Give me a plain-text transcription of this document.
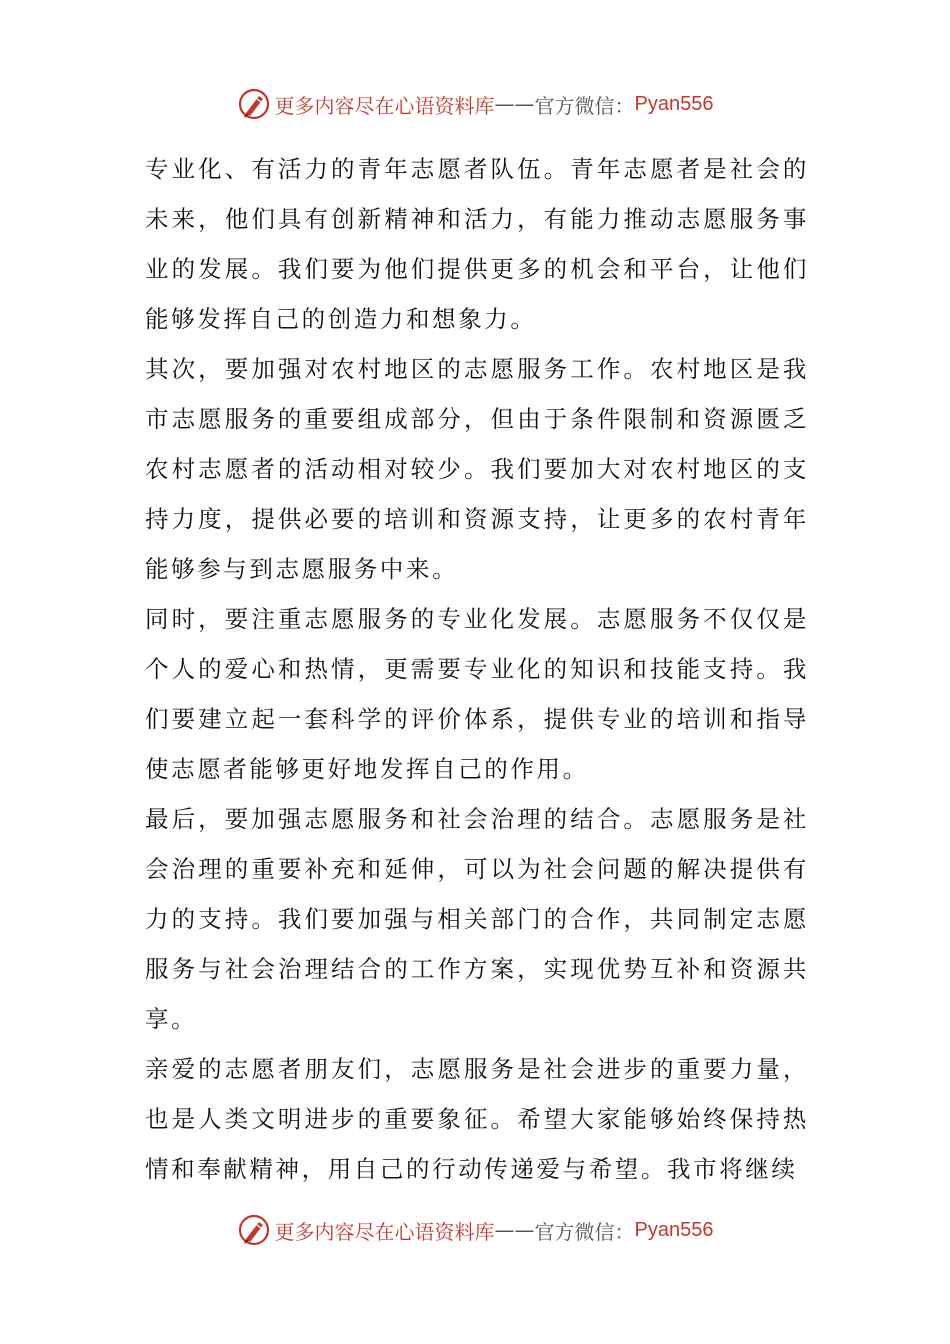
更多内容尽在心语资料库 —— 官方微信： Pyan556

专业化、有活力的青年志愿者队伍。青年志愿者是社会的未来，他们具有创新精神和活力，有能力推动志愿服务事业的发展。我们要为他们提供更多的机会和平台，让他们能够发挥自己的创造力和想象力。

其次，要加强对农村地区的志愿服务工作。农村地区是我市志愿服务的重要组成部分，但由于条件限制和资源匮乏农村志愿者的活动相对较少。我们要加大对农村地区的支持力度，提供必要的培训和资源支持，让更多的农村青年能够参与到志愿服务中来。

同时，要注重志愿服务的专业化发展。志愿服务不仅仅是个人的爱心和热情，更需要专业化的知识和技能支持。我们要建立起一套科学的评价体系，提供专业的培训和指导使志愿者能够更好地发挥自己的作用。

最后，要加强志愿服务和社会治理的结合。志愿服务是社会治理的重要补充和延伸，可以为社会问题的解决提供有力的支持。我们要加强与相关部门的合作，共同制定志愿服务与社会治理结合的工作方案，实现优势互补和资源共享。

亲爱的志愿者朋友们，志愿服务是社会进步的重要力量，也是人类文明进步的重要象征。希望大家能够始终保持热情和奉献精神，用自己的行动传递爱与希望。我市将继续

更多内容尽在心语资料库 —— 官方微信： Pyan556
